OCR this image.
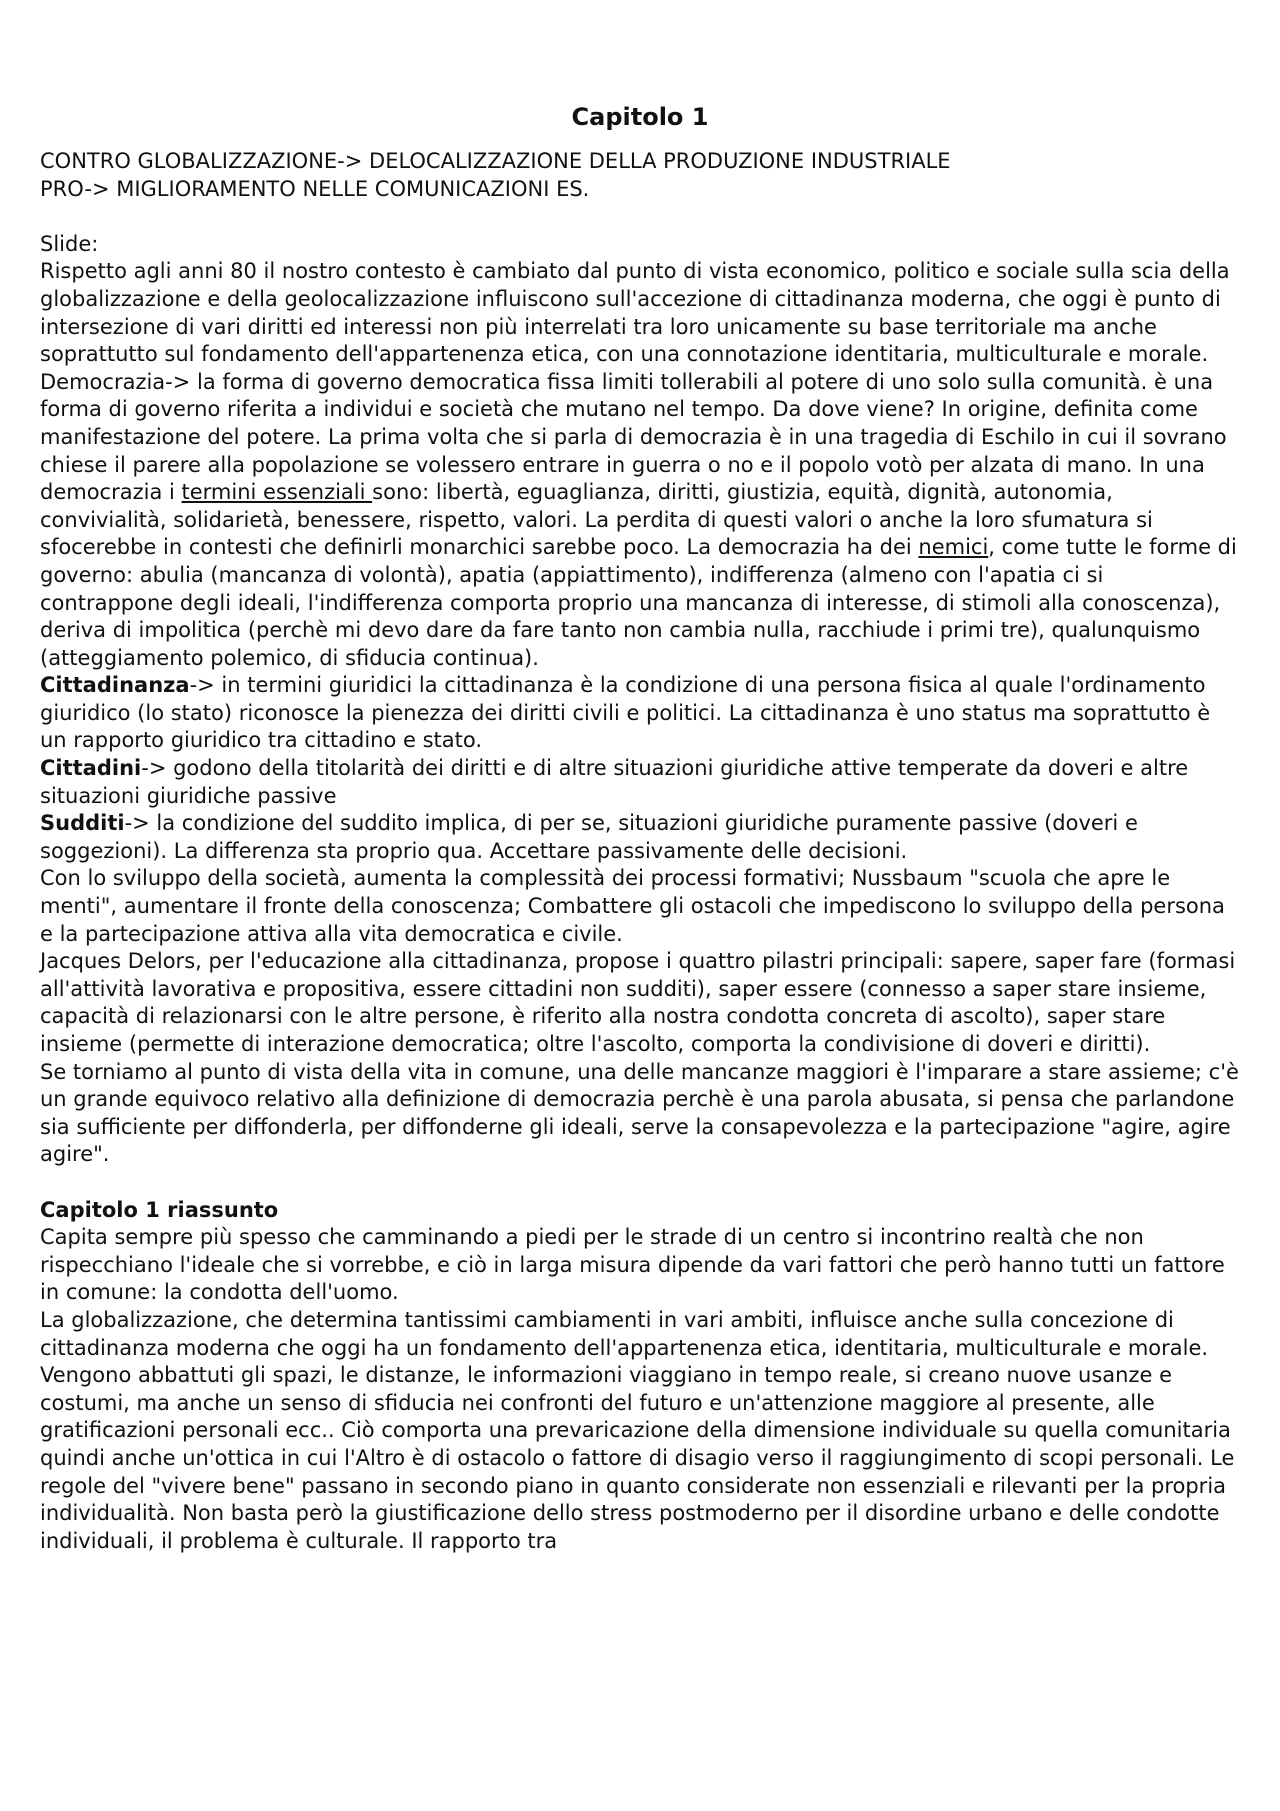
Capitolo 1

CONTRO GLOBALIZZAZIONE-> DELOCALIZZAZIONE DELLA PRODUZIONE INDUSTRIALE

PRO-> MIGLIORAMENTO NELLE COMUNICAZIONI ES.

Slide:

Rispetto agli anni 80 il nostro contesto è cambiato dal punto di vista economico, politico e sociale sulla scia della globalizzazione e della geolocalizzazione influiscono sull'accezione di cittadinanza moderna, che oggi è punto di intersezione di vari diritti ed interessi non più interrelati tra loro unicamente su base territoriale ma anche soprattutto sul fondamento dell'appartenenza etica, con una connotazione identitaria, multiculturale e morale.

Democrazia-> la forma di governo democratica fissa limiti tollerabili al potere di uno solo sulla comunità. è una forma di governo riferita a individui e società che mutano nel tempo. Da dove viene? In origine, definita come manifestazione del potere. La prima volta che si parla di democrazia è in una tragedia di Eschilo in cui il sovrano chiese il parere alla popolazione se volessero entrare in guerra o no e il popolo votò per alzata di mano. In una democrazia i termini essenziali sono: libertà, eguaglianza, diritti, giustizia, equità, dignità, autonomia, convivialità, solidarietà, benessere, rispetto, valori. La perdita di questi valori o anche la loro sfumatura si sfocerebbe in contesti che definirli monarchici sarebbe poco. La democrazia ha dei nemici, come tutte le forme di governo: abulia (mancanza di volontà), apatia (appiattimento), indifferenza (almeno con l'apatia ci si contrappone degli ideali, l'indifferenza comporta proprio una mancanza di interesse, di stimoli alla conoscenza), deriva di impolitica (perchè mi devo dare da fare tanto non cambia nulla, racchiude i primi tre), qualunquismo (atteggiamento polemico, di sfiducia continua).

Cittadinanza-> in termini giuridici la cittadinanza è la condizione di una persona fisica al quale l'ordinamento giuridico (lo stato) riconosce la pienezza dei diritti civili e politici. La cittadinanza è uno status ma soprattutto è un rapporto giuridico tra cittadino e stato.

Cittadini-> godono della titolarità dei diritti e di altre situazioni giuridiche attive temperate da doveri e altre situazioni giuridiche passive

Sudditi-> la condizione del suddito implica, di per se, situazioni giuridiche puramente passive (doveri e soggezioni). La differenza sta proprio qua. Accettare passivamente delle decisioni.

Con lo sviluppo della società, aumenta la complessità dei processi formativi; Nussbaum "scuola che apre le menti", aumentare il fronte della conoscenza; Combattere gli ostacoli che impediscono lo sviluppo della persona e la partecipazione attiva alla vita democratica e civile.

Jacques Delors, per l'educazione alla cittadinanza, propose i quattro pilastri principali: sapere, saper fare (formasi all'attività lavorativa e propositiva, essere cittadini non sudditi), saper essere (connesso a saper stare insieme, capacità di relazionarsi con le altre persone, è riferito alla nostra condotta concreta di ascolto), saper stare insieme (permette di interazione democratica; oltre l'ascolto, comporta la condivisione di doveri e diritti).

Se torniamo al punto di vista della vita in comune, una delle mancanze maggiori è l'imparare a stare assieme; c'è un grande equivoco relativo alla definizione di democrazia perchè è una parola abusata, si pensa che parlandone sia sufficiente per diffonderla, per diffonderne gli ideali, serve la consapevolezza e la partecipazione "agire, agire agire".

Capitolo 1 riassunto

Capita sempre più spesso che camminando a piedi per le strade di un centro si incontrino realtà che non rispecchiano l'ideale che si vorrebbe, e ciò in larga misura dipende da vari fattori che però hanno tutti un fattore in comune: la condotta dell'uomo.

La globalizzazione, che determina tantissimi cambiamenti in vari ambiti, influisce anche sulla concezione di cittadinanza moderna che oggi ha un fondamento dell'appartenenza etica, identitaria, multiculturale e morale. Vengono abbattuti gli spazi, le distanze, le informazioni viaggiano in tempo reale, si creano nuove usanze e costumi, ma anche un senso di sfiducia nei confronti del futuro e un'attenzione maggiore al presente, alle gratificazioni personali ecc.. Ciò comporta una prevaricazione della dimensione individuale su quella comunitaria quindi anche un'ottica in cui l'Altro è di ostacolo o fattore di disagio verso il raggiungimento di scopi personali. Le regole del "vivere bene" passano in secondo piano in quanto considerate non essenziali e rilevanti per la propria individualità. Non basta però la giustificazione dello stress postmoderno per il disordine urbano e delle condotte individuali, il problema è culturale. Il rapporto tra
